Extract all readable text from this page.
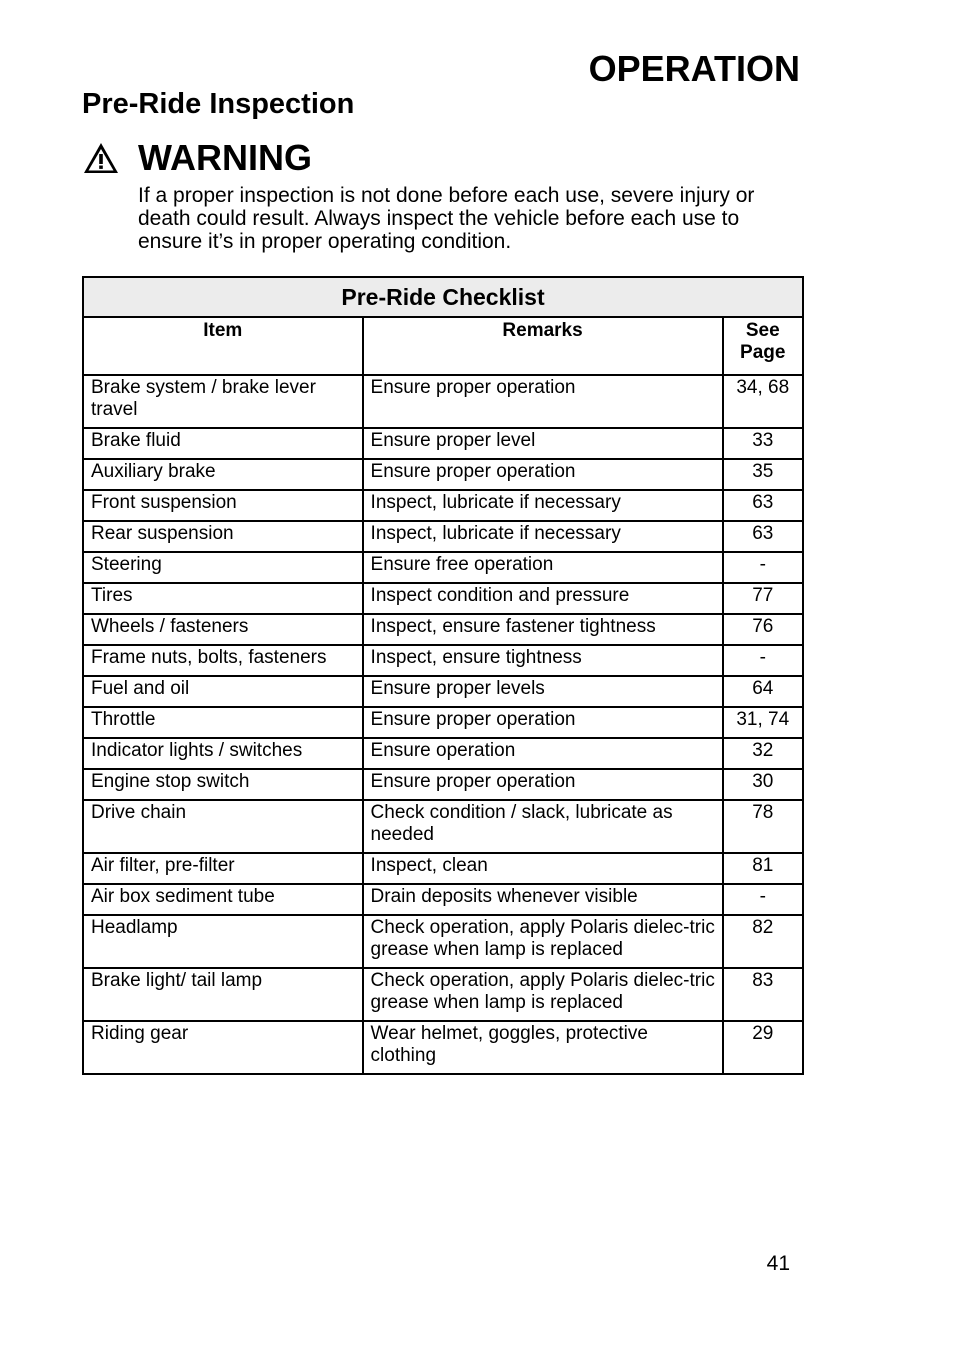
OPERATION
Pre-Ride Inspection
WARNING

If a proper inspection is not done before each use, severe injury or death could result. Always inspect the vehicle before each use to ensure it’s in proper operating condition.

Pre-Ride Checklist		
Item	Remarks	See Page
Brake system / brake lever travel	Ensure proper operation	34, 68
Brake fluid	Ensure proper level	33
Auxiliary brake	Ensure proper operation	35
Front suspension	Inspect, lubricate if necessary	63
Rear suspension	Inspect, lubricate if necessary	63
Steering	Ensure free operation	-
Tires	Inspect condition and pressure	77
Wheels / fasteners	Inspect, ensure fastener tightness	76
Frame nuts, bolts, fasteners	Inspect, ensure tightness	-
Fuel and oil	Ensure proper levels	64
Throttle	Ensure proper operation	31, 74
Indicator lights / switches	Ensure operation	32
Engine stop switch	Ensure proper operation	30
Drive chain	Check condition / slack, lubricate as needed	78
Air filter, pre-filter	Inspect, clean	81
Air box sediment tube	Drain deposits whenever visible	-
Headlamp	Check operation, apply Polaris dielec-tric grease when lamp is replaced	82
Brake light/ tail lamp	Check operation, apply Polaris dielec-tric grease when lamp is replaced	83
Riding gear	Wear helmet, goggles, protective clothing	29

41
